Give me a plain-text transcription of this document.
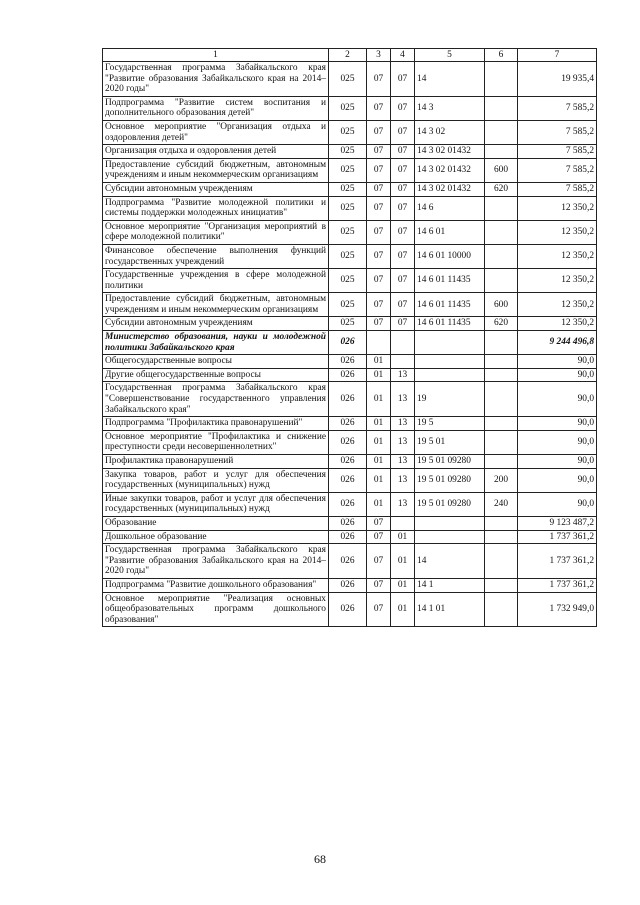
1	2	3	4	5	6	7
Государственная программа Забайкальского края "Развитие образования Забайкальского края на 2014–2020 годы"	025	07	07	14		19 935,4
Подпрограмма "Развитие систем воспитания и дополнительного образования детей"	025	07	07	14 3		7 585,2
Основное мероприятие "Организация отдыха и оздоровления детей"	025	07	07	14 3 02		7 585,2
Организация отдыха и оздоровления детей	025	07	07	14 3 02 01432		7 585,2
Предоставление субсидий бюджетным, автономным учреждениям и иным некоммерческим организациям	025	07	07	14 3 02 01432	600	7 585,2
Субсидии автономным учреждениям	025	07	07	14 3 02 01432	620	7 585,2
Подпрограмма "Развитие молодежной политики и системы поддержки молодежных инициатив"	025	07	07	14 6		12 350,2
Основное мероприятие "Организация мероприятий в сфере молодежной политики"	025	07	07	14 6 01		12 350,2
Финансовое обеспечение выполнения функций государственных учреждений	025	07	07	14 6 01 10000		12 350,2
Государственные учреждения в сфере молодежной политики	025	07	07	14 6 01 11435		12 350,2
Предоставление субсидий бюджетным, автономным учреждениям и иным некоммерческим организациям	025	07	07	14 6 01 11435	600	12 350,2
Субсидии автономным учреждениям	025	07	07	14 6 01 11435	620	12 350,2
Министерство образования, науки и молодежной политики Забайкальского края	026					9 244 496,8
Общегосударственные вопросы	026	01				90,0
Другие общегосударственные вопросы	026	01	13			90,0
Государственная программа Забайкальского края "Совершенствование государственного управления Забайкальского края"	026	01	13	19		90,0
Подпрограмма "Профилактика правонарушений"	026	01	13	19 5		90,0
Основное мероприятие "Профилактика и снижение преступности среди несовершеннолетних"	026	01	13	19 5 01		90,0
Профилактика правонарушений	026	01	13	19 5 01 09280		90,0
Закупка товаров, работ и услуг для обеспечения государственных (муниципальных) нужд	026	01	13	19 5 01 09280	200	90,0
Иные закупки товаров, работ и услуг для обеспечения государственных (муниципальных) нужд	026	01	13	19 5 01 09280	240	90,0
Образование	026	07				9 123 487,2
Дошкольное образование	026	07	01			1 737 361,2
Государственная программа Забайкальского края "Развитие образования Забайкальского края на 2014–2020 годы"	026	07	01	14		1 737 361,2
Подпрограмма "Развитие дошкольного образования"	026	07	01	14 1		1 737 361,2
Основное мероприятие "Реализация основных общеобразовательных программ дошкольного образования"	026	07	01	14 1 01		1 732 949,0
68
